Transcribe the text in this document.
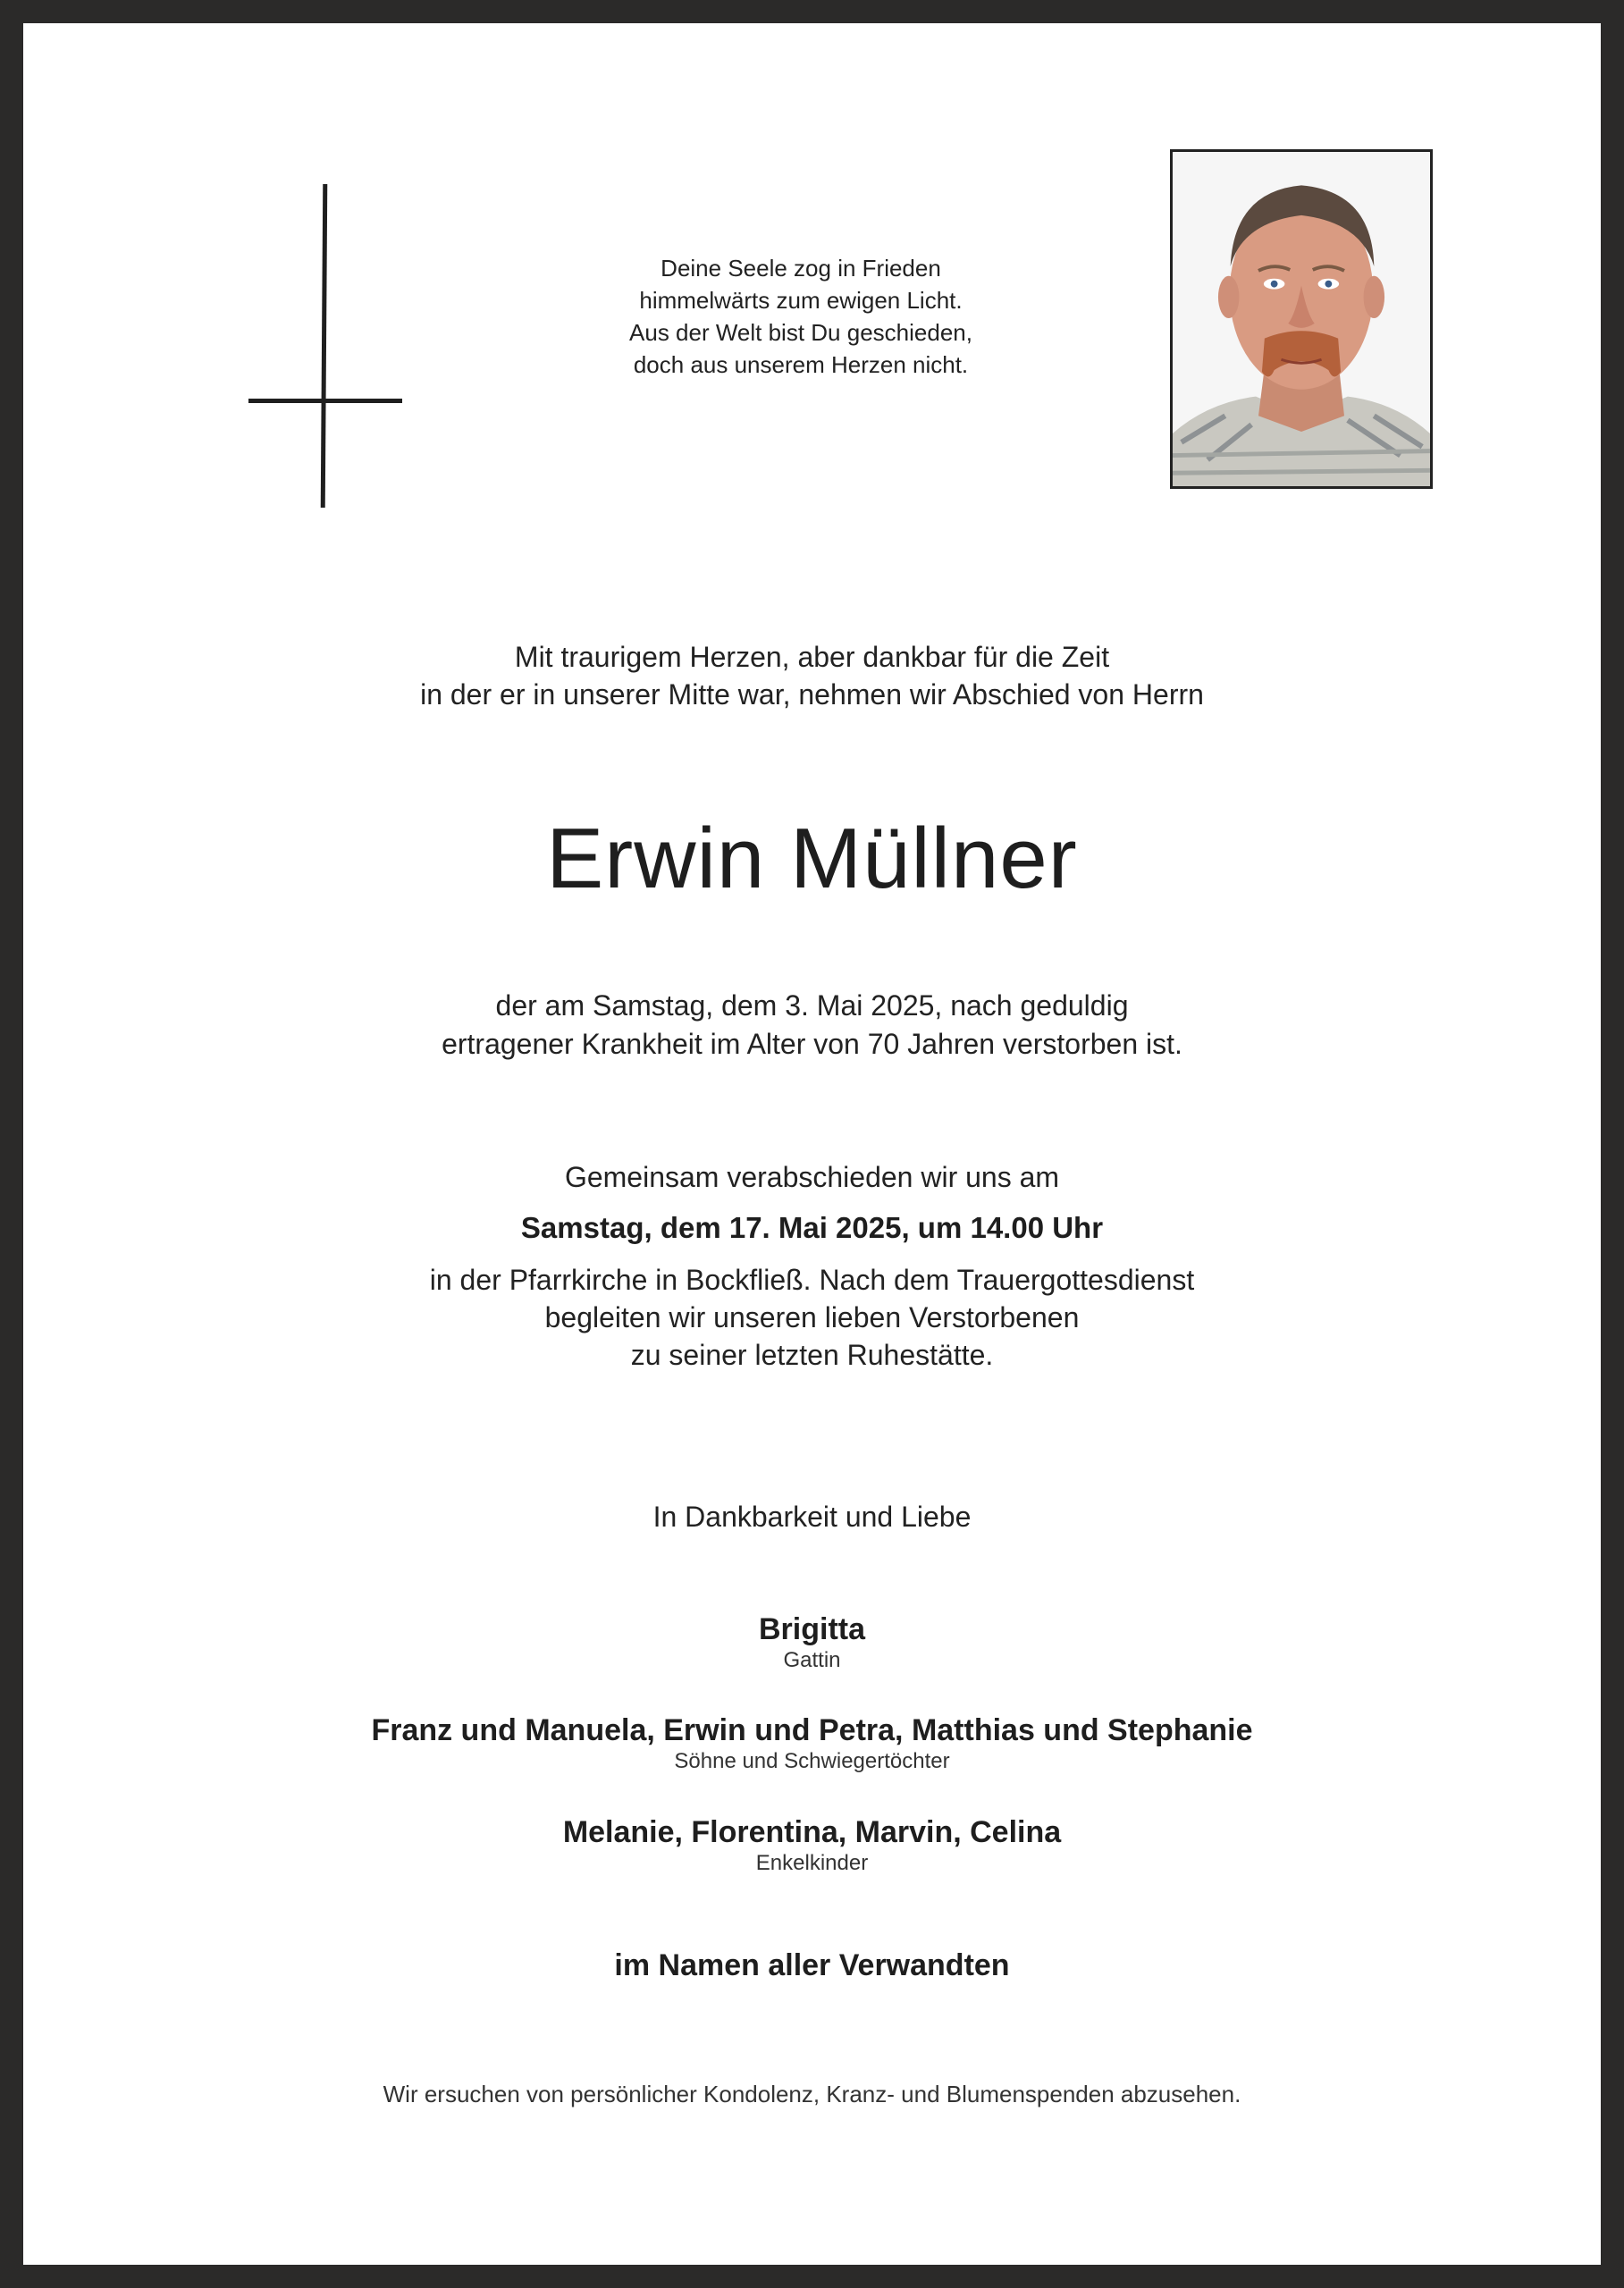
Deine Seele zog in Frieden
himmelwärts zum ewigen Licht.
Aus der Welt bist Du geschieden,
doch aus unserem Herzen nicht.
Mit traurigem Herzen, aber dankbar für die Zeit
in der er in unserer Mitte war, nehmen wir Abschied von Herrn
Erwin Müllner
der am Samstag, dem 3. Mai 2025, nach geduldig
ertragener Krankheit im Alter von 70 Jahren verstorben ist.
Gemeinsam verabschieden wir uns am
Samstag, dem 17. Mai 2025, um 14.00 Uhr
in der Pfarrkirche in Bockfließ. Nach dem Trauergottesdienst
begleiten wir unseren lieben Verstorbenen
zu seiner letzten Ruhestätte.
In Dankbarkeit und Liebe
Brigitta
Gattin
Franz und Manuela, Erwin und Petra, Matthias und Stephanie
Söhne und Schwiegertöchter
Melanie, Florentina, Marvin, Celina
Enkelkinder
im Namen aller Verwandten
Wir ersuchen von persönlicher Kondolenz, Kranz- und Blumenspenden abzusehen.
